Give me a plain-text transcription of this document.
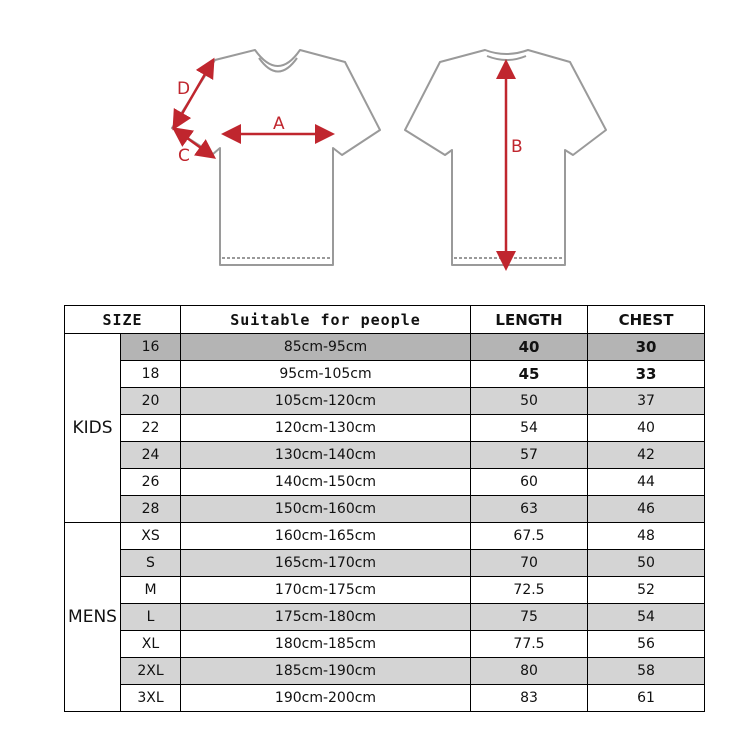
A
B
C
D
SIZE		Suitable for people	LENGTH	CHEST
KIDS	16	85cm-95cm	40	30
	18	95cm-105cm	45	33
	20	105cm-120cm	50	37
	22	120cm-130cm	54	40
	24	130cm-140cm	57	42
	26	140cm-150cm	60	44
	28	150cm-160cm	63	46
MENS	XS	160cm-165cm	67.5	48
	S	165cm-170cm	70	50
	M	170cm-175cm	72.5	52
	L	175cm-180cm	75	54
	XL	180cm-185cm	77.5	56
	2XL	185cm-190cm	80	58
	3XL	190cm-200cm	83	61
